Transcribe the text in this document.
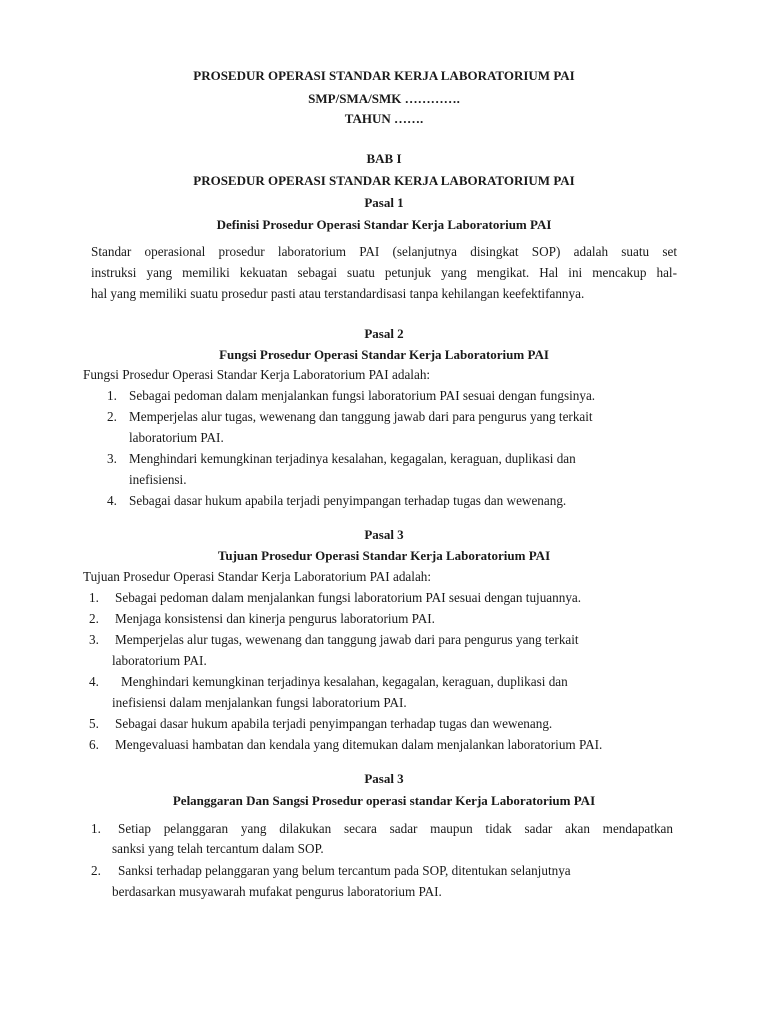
PROSEDUR OPERASI STANDAR KERJA LABORATORIUM PAI
SMP/SMA/SMK ………….
TAHUN …….
BAB I
PROSEDUR OPERASI STANDAR KERJA LABORATORIUM PAI
Pasal 1
Definisi Prosedur Operasi Standar Kerja Laboratorium PAI
Standar operasional prosedur laboratorium PAI (selanjutnya disingkat SOP) adalah suatu set
instruksi yang memiliki kekuatan sebagai suatu petunjuk yang mengikat. Hal ini mencakup hal-
hal yang memiliki suatu prosedur pasti atau terstandardisasi tanpa kehilangan keefektifannya.
Pasal 2
Fungsi Prosedur Operasi Standar Kerja Laboratorium PAI
Fungsi Prosedur Operasi Standar Kerja Laboratorium PAI adalah:
1. Sebagai pedoman dalam menjalankan fungsi laboratorium PAI sesuai dengan fungsinya.
2. Memperjelas alur tugas, wewenang dan tanggung jawab dari para pengurus yang terkait
laboratorium PAI.
3. Menghindari kemungkinan terjadinya kesalahan, kegagalan, keraguan, duplikasi dan
inefisiensi.
4. Sebagai dasar hukum apabila terjadi penyimpangan terhadap tugas dan wewenang.
Pasal 3
Tujuan Prosedur Operasi Standar Kerja Laboratorium PAI
Tujuan Prosedur Operasi Standar Kerja Laboratorium PAI adalah:
1. Sebagai pedoman dalam menjalankan fungsi laboratorium PAI sesuai dengan tujuannya.
2. Menjaga konsistensi dan kinerja pengurus laboratorium PAI.
3. Memperjelas alur tugas, wewenang dan tanggung jawab dari para pengurus yang terkait
laboratorium PAI.
4. Menghindari kemungkinan terjadinya kesalahan, kegagalan, keraguan, duplikasi dan
inefisiensi dalam menjalankan fungsi laboratorium PAI.
5. Sebagai dasar hukum apabila terjadi penyimpangan terhadap tugas dan wewenang.
6. Mengevaluasi hambatan dan kendala yang ditemukan dalam menjalankan laboratorium PAI.
Pasal 3
Pelanggaran Dan Sangsi Prosedur operasi standar Kerja Laboratorium PAI
1. Setiap pelanggaran yang dilakukan secara sadar maupun tidak sadar akan mendapatkan
sanksi yang telah tercantum dalam SOP.
2. Sanksi terhadap pelanggaran yang belum tercantum pada SOP, ditentukan selanjutnya
berdasarkan musyawarah mufakat pengurus laboratorium PAI.
